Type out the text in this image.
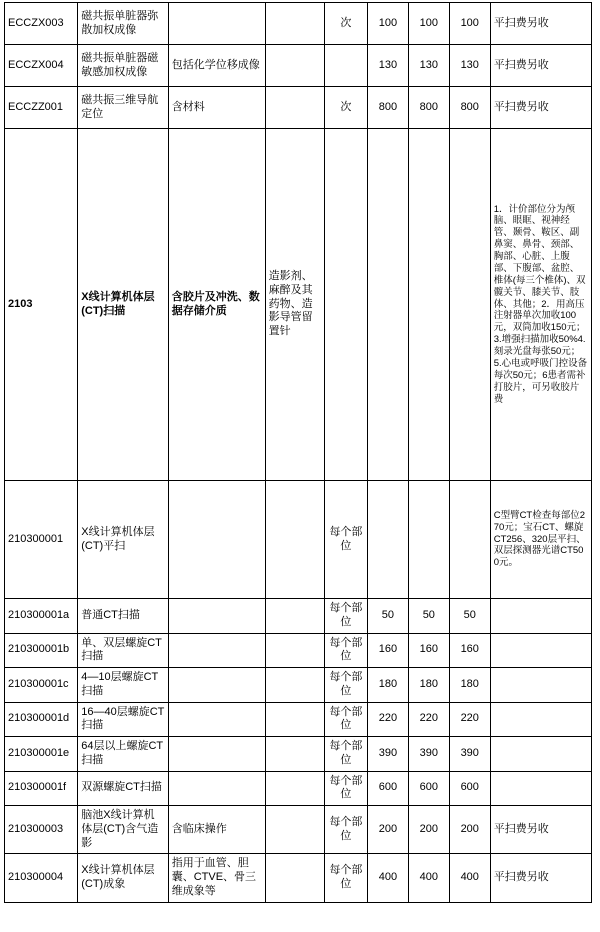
ECCZX003	磁共振单脏器弥散加权成像			次	100	100	100	平扫费另收
ECCZX004	磁共振单脏器磁敏感加权成像	包括化学位移成像			130	130	130	平扫费另收
ECCZZ001	磁共振三维导航定位	含材料		次	800	800	800	平扫费另收
2103	X线计算机体层(CT)扫描	含胶片及冲洗、数据存储介质	造影剂、麻醉及其药物、造影导管留置针					1．计价部位分为颅脑、眼眶、视神经管、颞骨、鞍区、副鼻窦、鼻骨、颈部、胸部、心脏、上腹部、下腹部、盆腔、椎体(每三个椎体)、双髋关节、膝关节、肢体、其他；2．用高压注射器单次加收100元，双筒加收150元；3.增强扫描加收50%4.刻录光盘每张50元；5.心电或呼吸门控设备每次50元；6患者需补打胶片，可另收胶片费
210300001	X线计算机体层(CT)平扫			每个部位				C型臂CT检查每部位270元；宝石CT、螺旋CT256、320层平扫、双层探测器光谱CT500元。
210300001a	普通CT扫描			每个部位	50	50	50	
210300001b	单、双层螺旋CT扫描			每个部位	160	160	160	
210300001c	4—10层螺旋CT扫描			每个部位	180	180	180	
210300001d	16—40层螺旋CT扫描			每个部位	220	220	220	
210300001e	64层以上螺旋CT扫描			每个部位	390	390	390	
210300001f	双源螺旋CT扫描			每个部位	600	600	600	
210300003	脑池X线计算机体层(CT)含气造影	含临床操作		每个部位	200	200	200	平扫费另收
210300004	X线计算机体层(CT)成象	指用于血管、胆囊、CTVE、骨三维成象等		每个部位	400	400	400	平扫费另收
